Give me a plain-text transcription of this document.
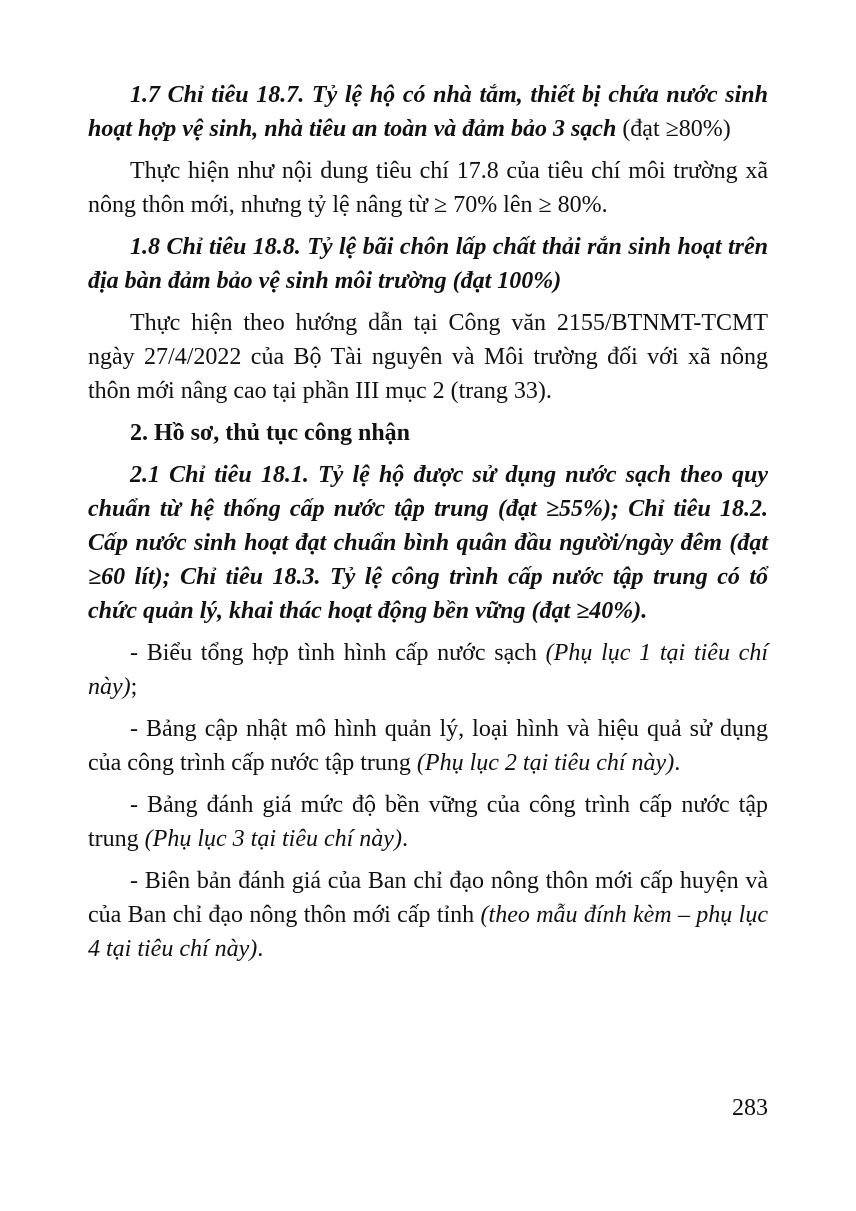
1.7 Chỉ tiêu 18.7. Tỷ lệ hộ có nhà tắm, thiết bị chứa nước sinh hoạt hợp vệ sinh, nhà tiêu an toàn và đảm bảo 3 sạch (đạt ≥80%)

Thực hiện như nội dung tiêu chí 17.8 của tiêu chí môi trường xã nông thôn mới, nhưng tỷ lệ nâng từ ≥ 70% lên ≥ 80%.

1.8 Chỉ tiêu 18.8. Tỷ lệ bãi chôn lấp chất thải rắn sinh hoạt trên địa bàn đảm bảo vệ sinh môi trường (đạt 100%)

Thực hiện theo hướng dẫn tại Công văn 2155/BTNMT-TCMT ngày 27/4/2022 của Bộ Tài nguyên và Môi trường đối với xã nông thôn mới nâng cao tại phần III mục 2 (trang 33).

2. Hồ sơ, thủ tục công nhận

2.1 Chỉ tiêu 18.1. Tỷ lệ hộ được sử dụng nước sạch theo quy chuẩn từ hệ thống cấp nước tập trung (đạt ≥55%); Chỉ tiêu 18.2. Cấp nước sinh hoạt đạt chuẩn bình quân đầu người/ngày đêm (đạt ≥60 lít); Chỉ tiêu 18.3. Tỷ lệ công trình cấp nước tập trung có tổ chức quản lý, khai thác hoạt động bền vững (đạt ≥40%).

- Biểu tổng hợp tình hình cấp nước sạch (Phụ lục 1 tại tiêu chí này);

- Bảng cập nhật mô hình quản lý, loại hình và hiệu quả sử dụng của công trình cấp nước tập trung (Phụ lục 2 tại tiêu chí này).

- Bảng đánh giá mức độ bền vững của công trình cấp nước tập trung (Phụ lục 3 tại tiêu chí này).

- Biên bản đánh giá của Ban chỉ đạo nông thôn mới cấp huyện và của Ban chỉ đạo nông thôn mới cấp tỉnh (theo mẫu đính kèm – phụ lục 4 tại tiêu chí này).

283
